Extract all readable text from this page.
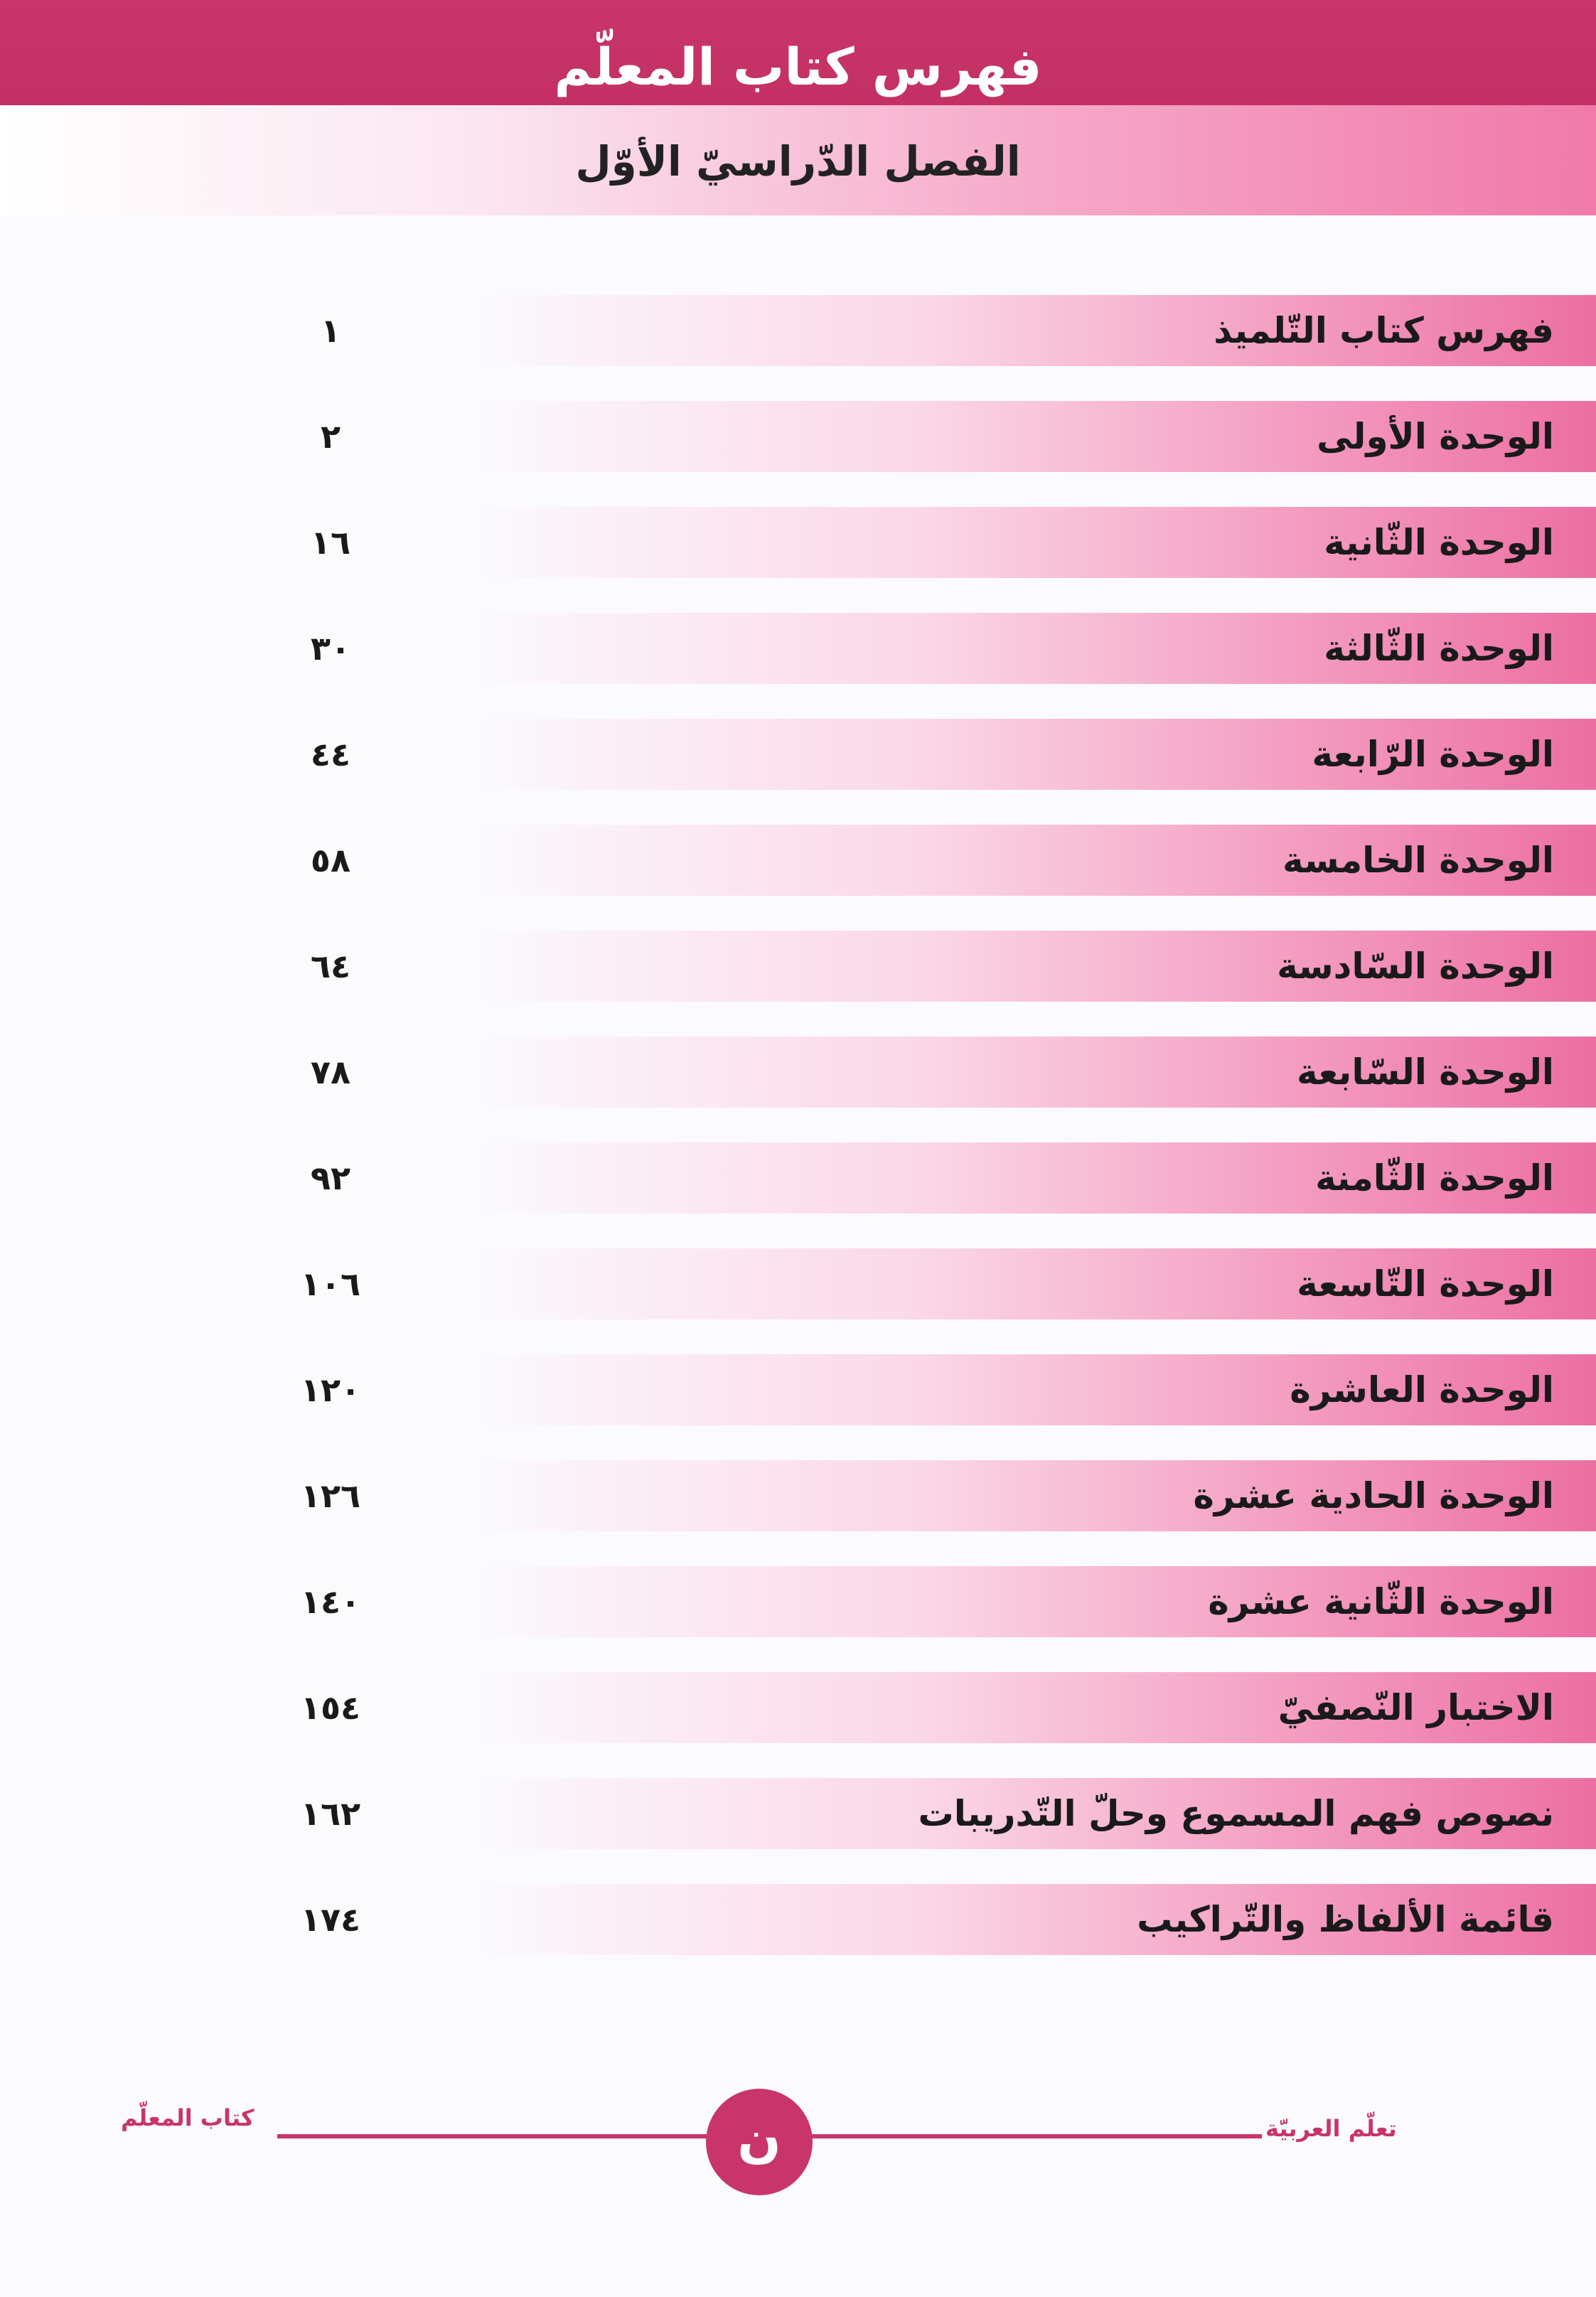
فهرس كتاب المعلّم
الفصل الدّراسيّ الأوّل
فهرس كتاب التّلميذ
١
الوحدة الأولى
٢
الوحدة الثّانية
١٦
الوحدة الثّالثة
٣٠
الوحدة الرّابعة
٤٤
الوحدة الخامسة
٥٨
الوحدة السّادسة
٦٤
الوحدة السّابعة
٧٨
الوحدة الثّامنة
٩٢
الوحدة التّاسعة
١٠٦
الوحدة العاشرة
١٢٠
الوحدة الحادية عشرة
١٢٦
الوحدة الثّانية عشرة
١٤٠
الاختبار النّصفيّ
١٥٤
نصوص فهم المسموع وحلّ التّدريبات
١٦٢
قائمة الألفاظ والتّراكيب
١٧٤
كتاب المعلّم	ن	تعلّم العربيّة
